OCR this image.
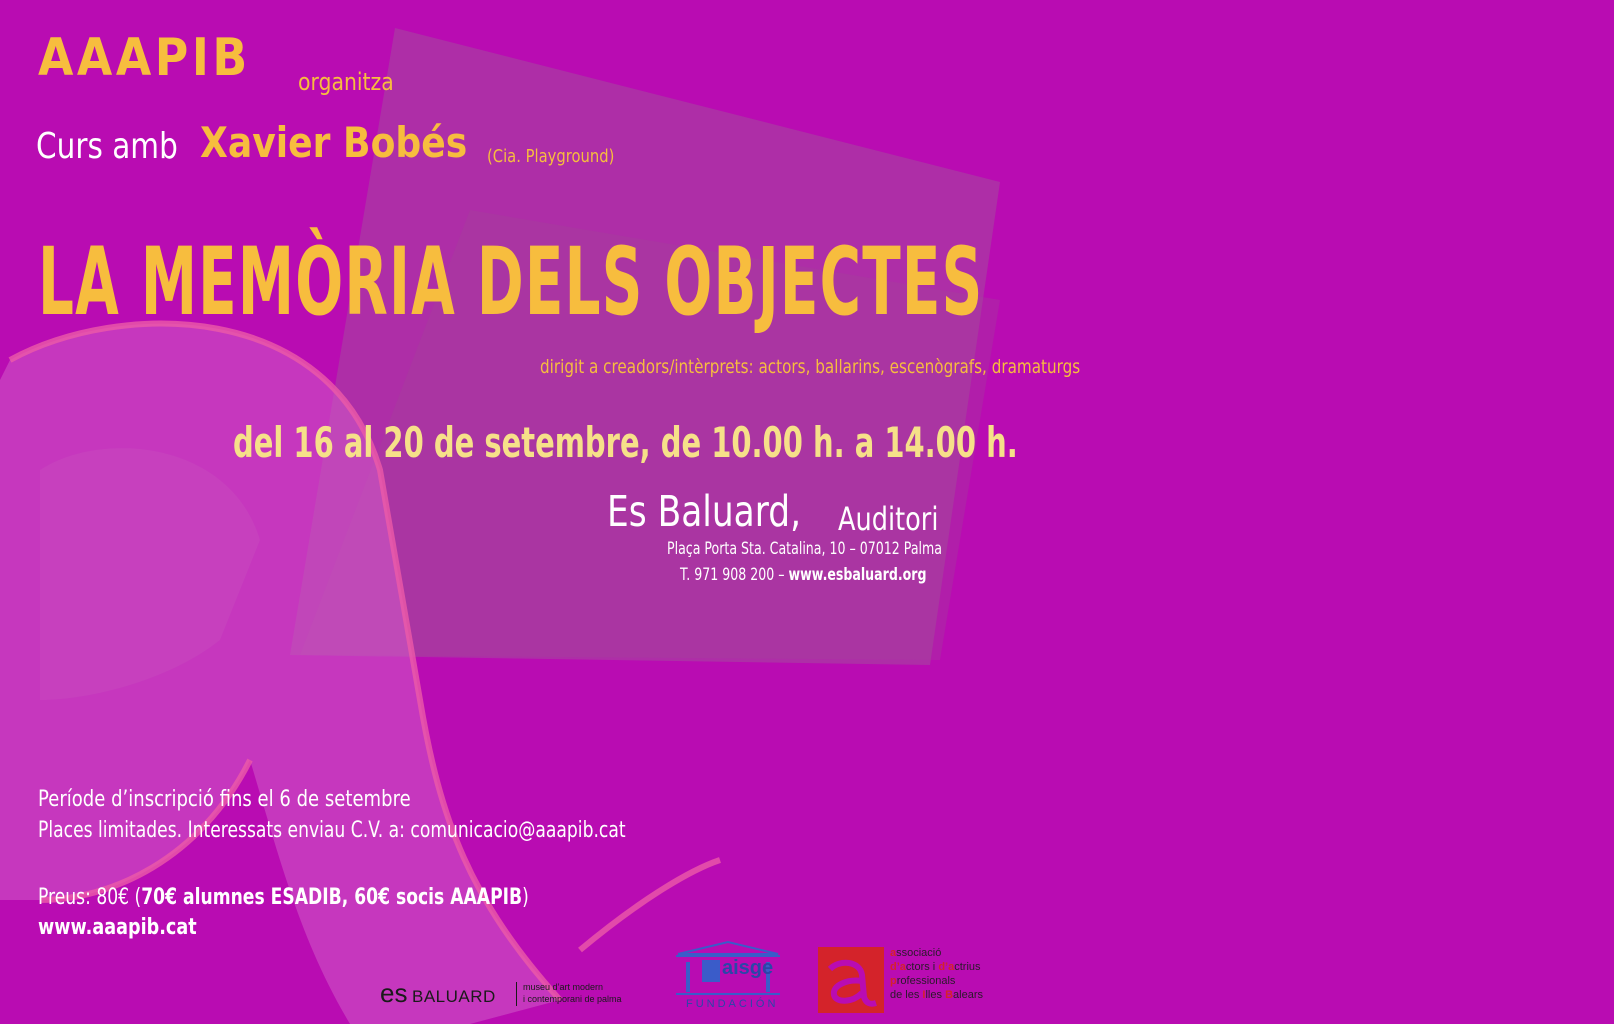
AAAPIB	organitza
Curs amb Xavier Bobés	(Cia. Playground)
LA MEMÒRIA DELS OBJECTES
dirigit a creadors/intèrprets: actors, ballarins, escenògrafs, dramaturgs
del 16 al 20 de setembre, de 10.00 h. a 14.00 h.
Es Baluard,	Auditori
Plaça Porta Sta. Catalina, 10 – 07012 Palma
T. 971 908 200 – www.esbaluard.org
Període d’inscripció fins el 6 de setembre
Places limitades. Interessats enviau C.V. a: comunicacio@aaapib.cat
Preus: 80€ (70€ alumnes ESADIB, 60€ socis AAAPIB)
www.aaapib.cat
es BALUARD	museu d’art modern
i contemporani de palma
aisge
FUNDACIÓN
associació
d’actors i d’actrius
professionals
de les Illes Balears
